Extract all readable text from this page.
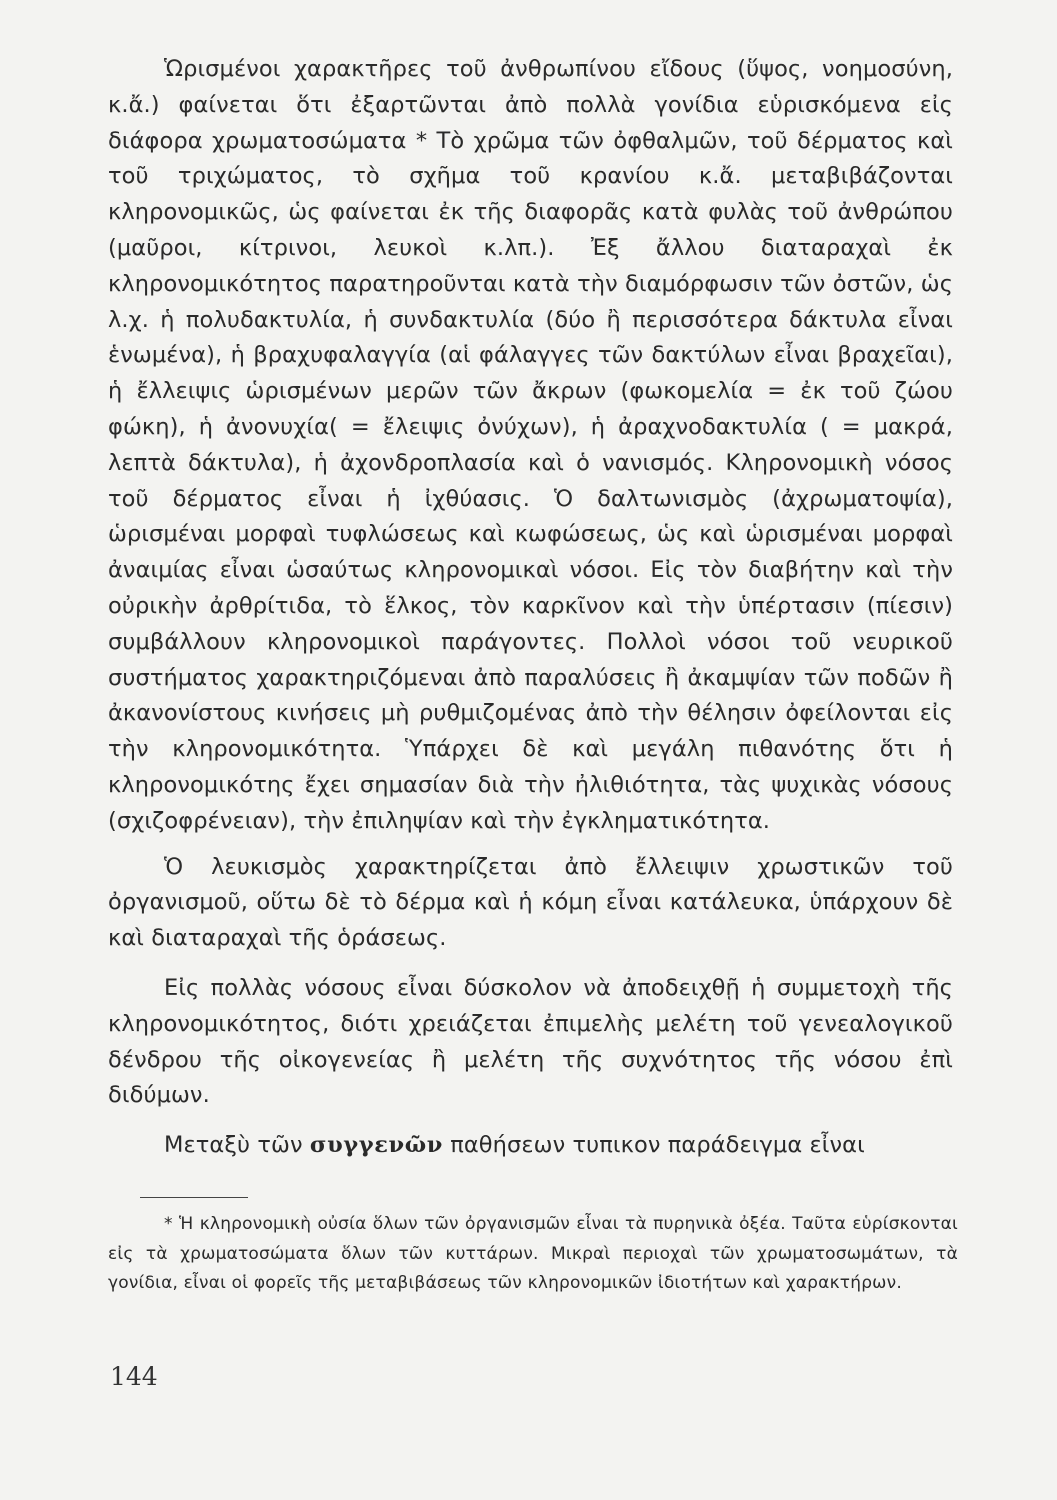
Ὡρισμένοι χαρακτῆρες τοῦ ἀνθρωπίνου εἴδους (ὕψος, νοημοσύνη, κ.ἄ.) φαίνεται ὅτι ἐξαρτῶνται ἀπὸ πολλὰ γονίδια εὑρισκόμενα εἰς διάφορα χρωματοσώματα * Τὸ χρῶμα τῶν ὀφθαλμῶν, τοῦ δέρματος καὶ τοῦ τριχώματος, τὸ σχῆμα τοῦ κρανίου κ.ἄ. μεταβιβάζονται κληρονομικῶς, ὡς φαίνεται ἐκ τῆς διαφορᾶς κατὰ φυλὰς τοῦ ἀνθρώπου (μαῦροι, κίτρινοι, λευκοὶ κ.λπ.). Ἐξ ἄλλου διαταραχαὶ ἐκ κληρονομικότητος παρατηροῦνται κατὰ τὴν διαμόρφωσιν τῶν ὀστῶν, ὡς λ.χ. ἡ πολυδακτυλία, ἡ συνδακτυλία (δύο ἢ περισσότερα δάκτυλα εἶναι ἑνωμένα), ἡ βραχυφαλαγγία (αἱ φάλαγγες τῶν δακτύλων εἶναι βραχεῖαι), ἡ ἔλλειψις ὡρισμένων μερῶν τῶν ἄκρων (φωκομελία = ἐκ τοῦ ζώου φώκη), ἡ ἀνονυχία( = ἔλειψις ὀνύχων), ἡ ἀραχνοδακτυλία ( = μακρά, λεπτὰ δάκτυλα), ἡ ἀχονδροπλασία καὶ ὁ νανισμός. Κληρονομικὴ νόσος τοῦ δέρματος εἶναι ἡ ἰχθύασις. Ὁ δαλτωνισμὸς (ἀχρωματοψία), ὡρισμέναι μορφαὶ τυφλώσεως καὶ κωφώσεως, ὡς καὶ ὡρισμέναι μορφαὶ ἀναιμίας εἶναι ὡσαύτως κληρονομικαὶ νόσοι. Εἰς τὸν διαβήτην καὶ τὴν οὐρικὴν ἀρθρίτιδα, τὸ ἕλκος, τὸν καρκῖνον καὶ τὴν ὑπέρτασιν (πίεσιν) συμβάλλουν κληρονομικοὶ παράγοντες. Πολλοὶ νόσοι τοῦ νευρικοῦ συστήματος χαρακτηριζόμεναι ἀπὸ παραλύσεις ἢ ἀκαμψίαν τῶν ποδῶν ἢ ἀκανονίστους κινήσεις μὴ ρυθμιζομένας ἀπὸ τὴν θέλησιν ὀφείλονται εἰς τὴν κληρονομικότητα. Ὑπάρχει δὲ καὶ μεγάλη πιθανότης ὅτι ἡ κληρονομικότης ἔχει σημασίαν διὰ τὴν ἠλιθιότητα, τὰς ψυχικὰς νόσους (σχιζοφρένειαν), τὴν ἐπιληψίαν καὶ τὴν ἐγκληματικότητα.

Ὁ λευκισμὸς χαρακτηρίζεται ἀπὸ ἔλλειψιν χρωστικῶν τοῦ ὀργανισμοῦ, οὕτω δὲ τὸ δέρμα καὶ ἡ κόμη εἶναι κατάλευκα, ὑπάρχουν δὲ καὶ διαταραχαὶ τῆς ὁράσεως.

Εἰς πολλὰς νόσους εἶναι δύσκολον νὰ ἀποδειχθῇ ἡ συμμετοχὴ τῆς κληρονομικότητος, διότι χρειάζεται ἐπιμελὴς μελέτη τοῦ γενεαλογικοῦ δένδρου τῆς οἰκογενείας ἢ μελέτη τῆς συχνότητος τῆς νόσου ἐπὶ διδύμων.

Μεταξὺ τῶν συγγενῶν παθήσεων τυπικον παράδειγμα εἶναι

* Ἡ κληρονομικὴ οὐσία ὅλων τῶν ὀργανισμῶν εἶναι τὰ πυρηνικὰ ὀξέα. Ταῦτα εὑρίσκονται εἰς τὰ χρωματοσώματα ὅλων τῶν κυττάρων. Μικραὶ περιοχαὶ τῶν χρωματοσωμάτων, τὰ γονίδια, εἶναι οἱ φορεῖς τῆς μεταβιβάσεως τῶν κληρονομικῶν ἰδιοτήτων καὶ χαρακτήρων.
144
